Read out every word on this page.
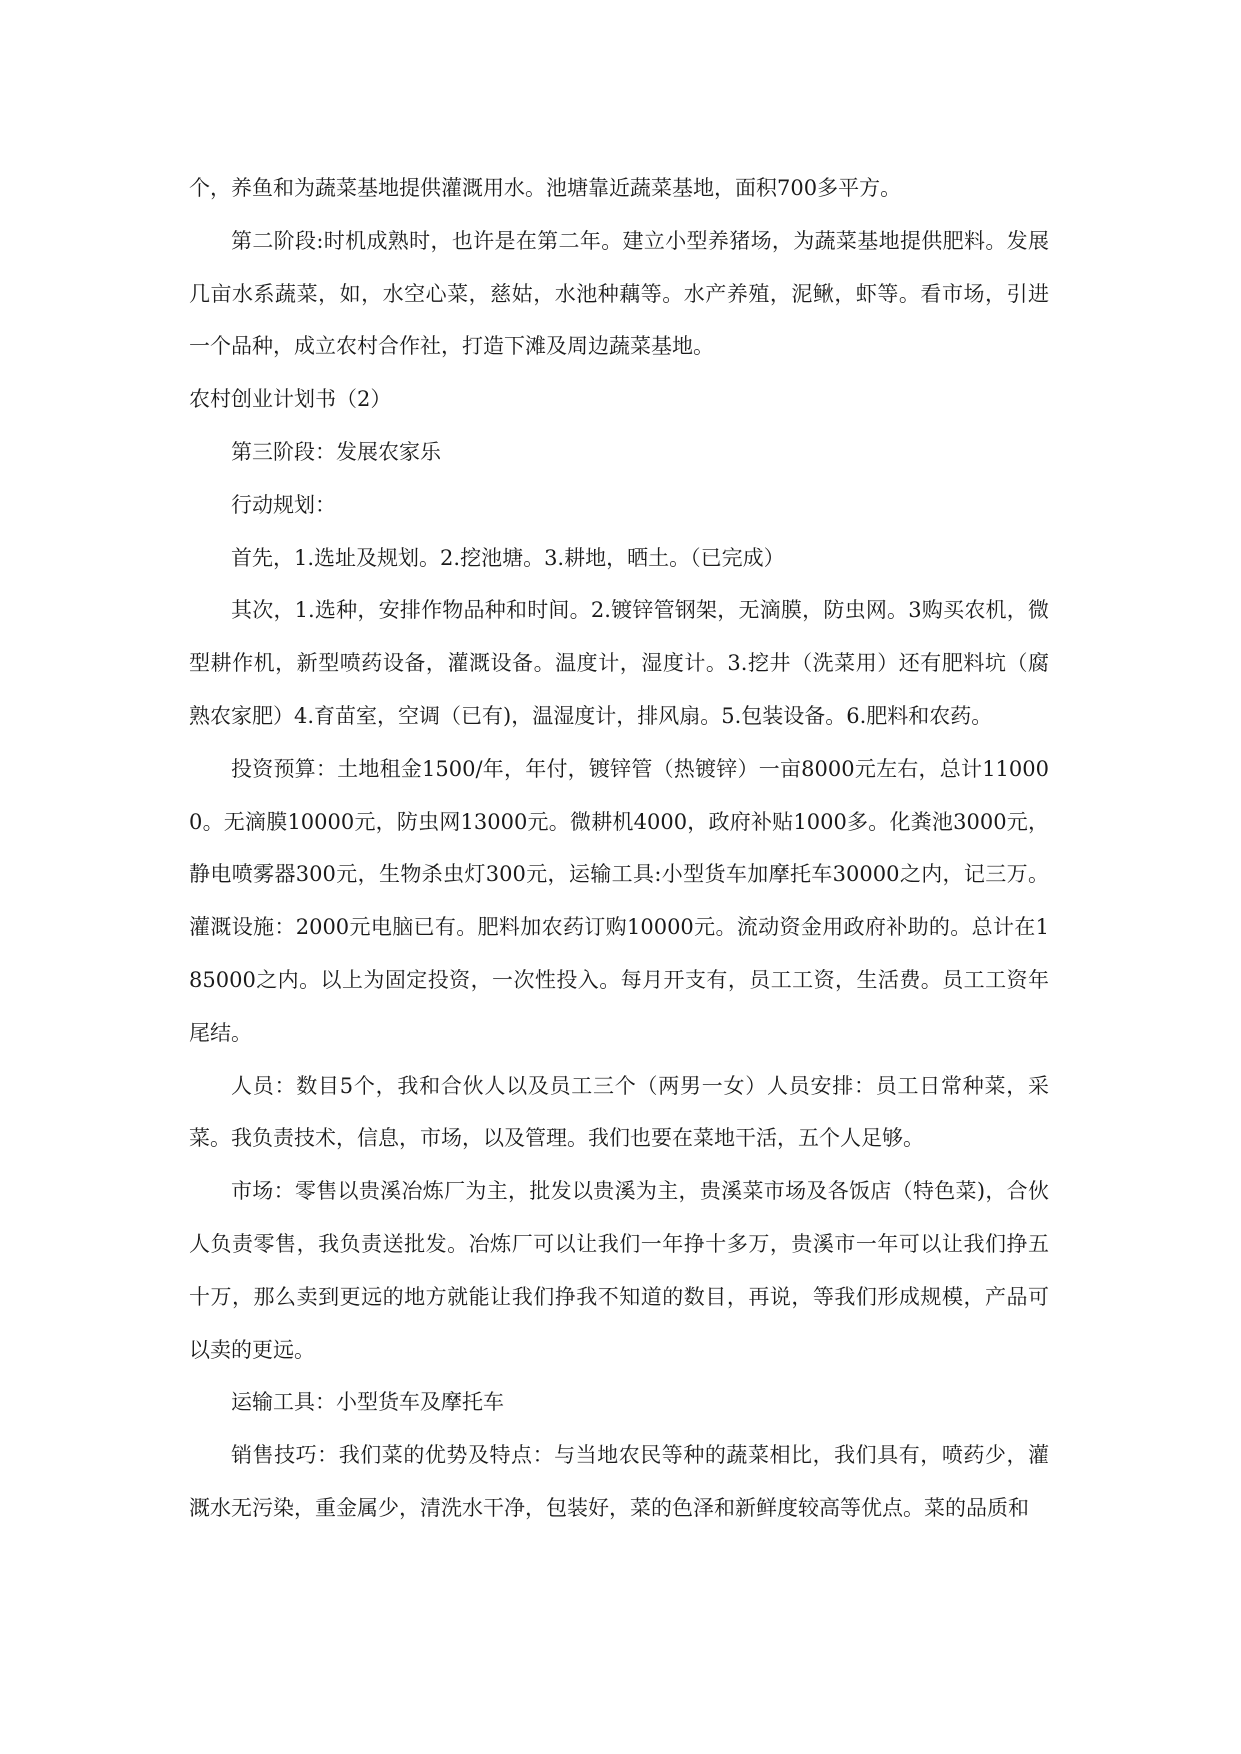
个，养鱼和为蔬菜基地提供灌溉用水。池塘靠近蔬菜基地，面积700多平方。

第二阶段:时机成熟时，也许是在第二年。建立小型养猪场，为蔬菜基地提供肥料。发展几亩水系蔬菜，如，水空心菜，慈姑，水池种藕等。水产养殖，泥鳅，虾等。看市场，引进一个品种，成立农村合作社，打造下滩及周边蔬菜基地。

农村创业计划书（2）

第三阶段：发展农家乐

行动规划：

首先，1.选址及规划。2.挖池塘。3.耕地，晒土。（已完成）

其次，1.选种，安排作物品种和时间。2.镀锌管钢架，无滴膜，防虫网。3购买农机，微型耕作机，新型喷药设备，灌溉设备。温度计，湿度计。3.挖井（洗菜用）还有肥料坑（腐熟农家肥）4.育苗室，空调（已有)，温湿度计，排风扇。5.包装设备。6.肥料和农药。

投资预算：土地租金1500/年，年付，镀锌管（热镀锌）一亩8000元左右，总计110000。无滴膜10000元，防虫网13000元。微耕机4000，政府补贴1000多。化粪池3000元，静电喷雾器300元，生物杀虫灯300元，运输工具:小型货车加摩托车30000之内，记三万。灌溉设施：2000元电脑已有。肥料加农药订购10000元。流动资金用政府补助的。总计在185000之内。以上为固定投资，一次性投入。每月开支有，员工工资，生活费。员工工资年尾结。

人员：数目5个，我和合伙人以及员工三个（两男一女）人员安排：员工日常种菜，采菜。我负责技术，信息，市场，以及管理。我们也要在菜地干活，五个人足够。

市场：零售以贵溪冶炼厂为主，批发以贵溪为主，贵溪菜市场及各饭店（特色菜)，合伙人负责零售，我负责送批发。冶炼厂可以让我们一年挣十多万，贵溪市一年可以让我们挣五十万，那么卖到更远的地方就能让我们挣我不知道的数目，再说，等我们形成规模，产品可以卖的更远。

运输工具：小型货车及摩托车

销售技巧：我们菜的优势及特点：与当地农民等种的蔬菜相比，我们具有，喷药少，灌溉水无污染，重金属少，清洗水干净，包装好，菜的色泽和新鲜度较高等优点。菜的品质和
